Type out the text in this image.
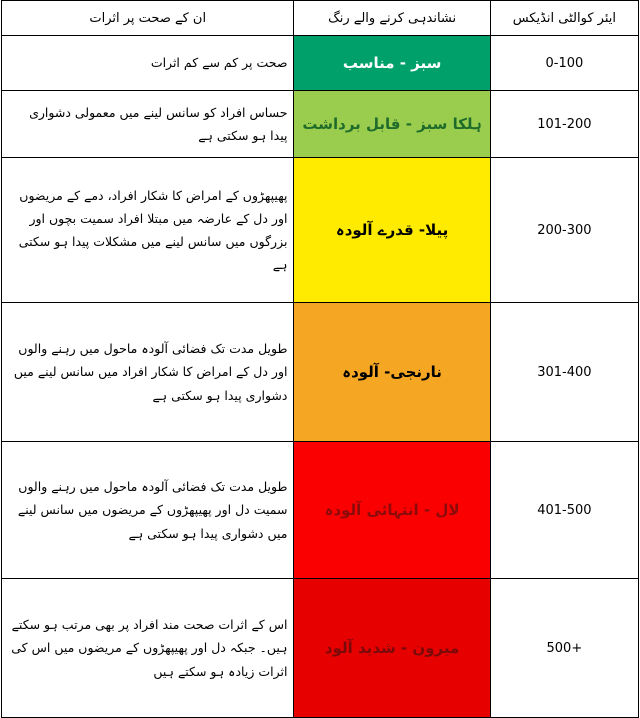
ان کے صحت پر اثرات	نشاندہی کرنے والے رنگ	ایئر کوالٹی انڈیکس
صحت پر کم سے کم اثرات	سبز - مناسب	0-100
حساس افراد کو سانس لینے میں معمولی دشواری پیدا ہو سکتی ہے	ہلکا سبز - قابل برداشت	101-200
پھیپھڑوں کے امراض کا شکار افراد، دمے کے مریضوں اور دل کے عارضہ میں مبتلا افراد سمیت بچوں اور بزرگوں میں سانس لینے میں مشکلات پیدا ہو سکتی ہے	پیلا- قدرے آلودہ	200-300
طویل مدت تک فضائی آلودہ ماحول میں رہنے والوں اور دل کے امراض کا شکار افراد میں سانس لینے میں دشواری پیدا ہو سکتی ہے	نارنجی- آلودہ	301-400
طویل مدت تک فضائی آلودہ ماحول میں رہنے والوں سمیت دل اور پھیپھڑوں کے مریضوں میں سانس لینے میں دشواری پیدا ہو سکتی ہے	لال - انتہائی آلودہ	401-500
اس کے اثرات صحت مند افراد پر بھی مرتب ہو سکتے ہیں۔ جبکہ دل اور پھیپھڑوں کے مریضوں میں اس کی اثرات زیادہ ہو سکتے ہیں	میرون - شدید آلود	500+
